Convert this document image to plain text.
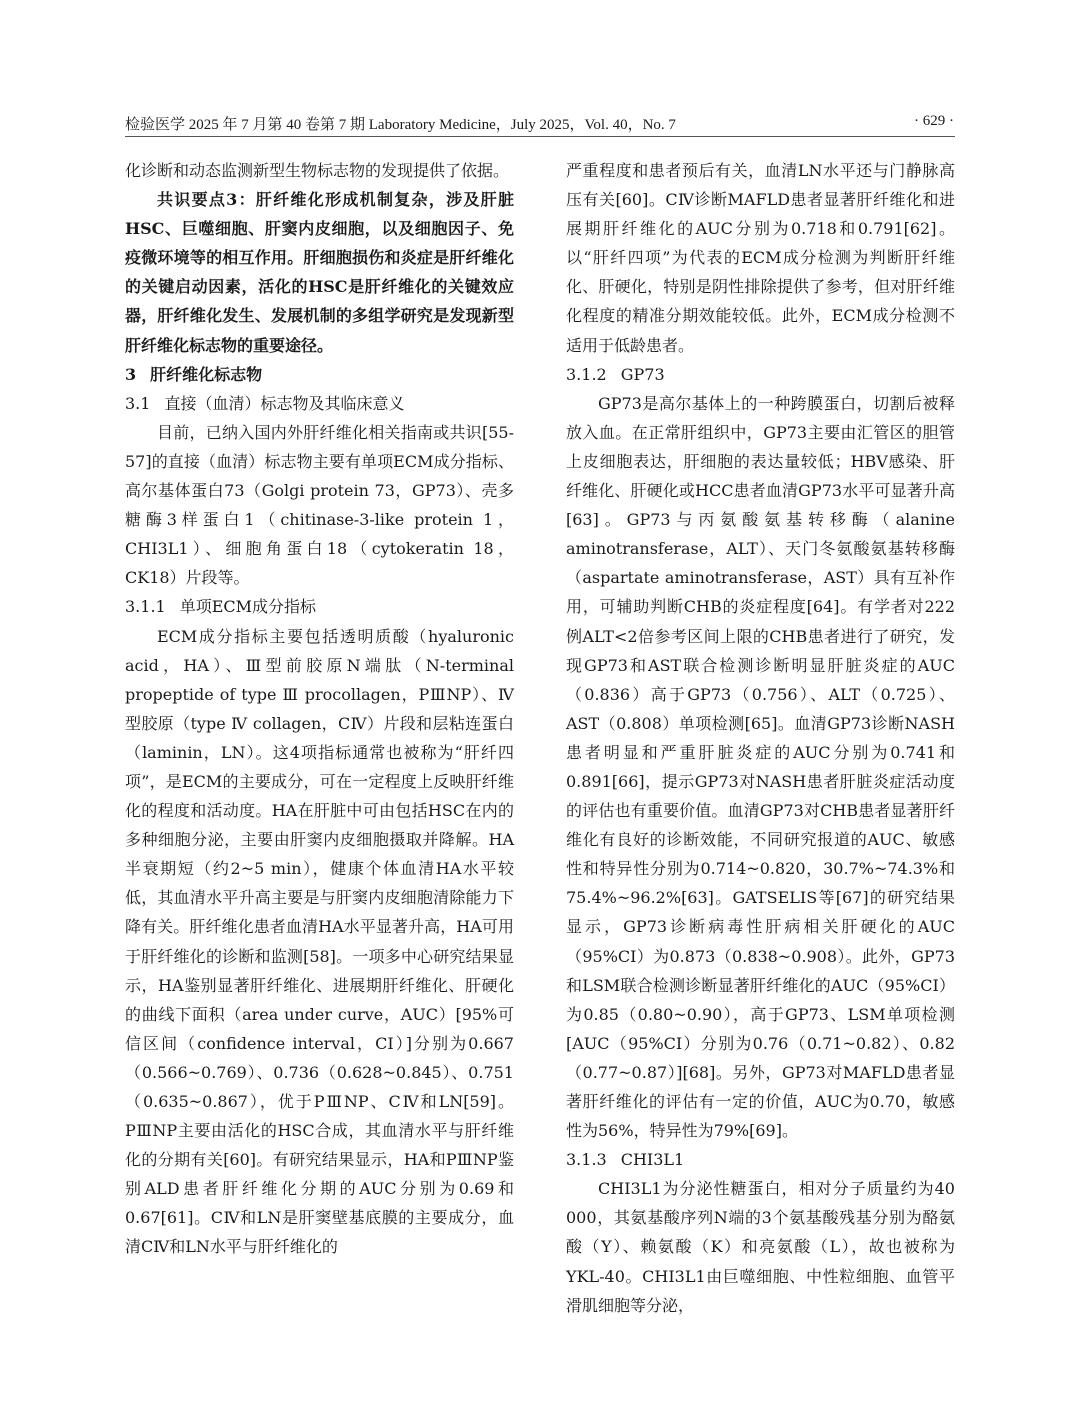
检验医学 2025 年 7 月第 40 卷第 7 期 Laboratory Medicine，July 2025，Vol. 40，No. 7	· 629 ·

化诊断和动态监测新型生物标志物的发现提供了依据。

共识要点3：肝纤维化形成机制复杂，涉及肝脏HSC、巨噬细胞、肝窦内皮细胞，以及细胞因子、免疫微环境等的相互作用。肝细胞损伤和炎症是肝纤维化的关键启动因素，活化的HSC是肝纤维化的关键效应器，肝纤维化发生、发展机制的多组学研究是发现新型肝纤维化标志物的重要途径。

3 肝纤维化标志物

3.1 直接（血清）标志物及其临床意义

目前，已纳入国内外肝纤维化相关指南或共识[55-57]的直接（血清）标志物主要有单项ECM成分指标、高尔基体蛋白73（Golgi protein 73，GP73）、壳多糖酶3样蛋白1（chitinase-3-like protein 1，CHI3L1）、细胞角蛋白18（cytokeratin 18，CK18）片段等。

3.1.1 单项ECM成分指标

ECM成分指标主要包括透明质酸（hyaluronic acid，HA）、Ⅲ型前胶原N端肽（N-terminal propeptide of type Ⅲ procollagen，PⅢNP）、Ⅳ型胶原（type Ⅳ collagen，CⅣ）片段和层粘连蛋白（laminin，LN）。这4项指标通常也被称为“肝纤四项”，是ECM的主要成分，可在一定程度上反映肝纤维化的程度和活动度。HA在肝脏中可由包括HSC在内的多种细胞分泌，主要由肝窦内皮细胞摄取并降解。HA半衰期短（约2~5 min），健康个体血清HA水平较低，其血清水平升高主要是与肝窦内皮细胞清除能力下降有关。肝纤维化患者血清HA水平显著升高，HA可用于肝纤维化的诊断和监测[58]。一项多中心研究结果显示，HA鉴别显著肝纤维化、进展期肝纤维化、肝硬化的曲线下面积（area under curve，AUC）[95%可信区间（confidence interval，CI）]分别为0.667（0.566~0.769）、0.736（0.628~0.845）、0.751（0.635~0.867），优于PⅢNP、CⅣ和LN[59]。PⅢNP主要由活化的HSC合成，其血清水平与肝纤维化的分期有关[60]。有研究结果显示，HA和PⅢNP鉴别ALD患者肝纤维化分期的AUC分别为0.69和0.67[61]。CⅣ和LN是肝窦壁基底膜的主要成分，血清CⅣ和LN水平与肝纤维化的

严重程度和患者预后有关，血清LN水平还与门静脉高压有关[60]。CⅣ诊断MAFLD患者显著肝纤维化和进展期肝纤维化的AUC分别为0.718和0.791[62]。以“肝纤四项”为代表的ECM成分检测为判断肝纤维化、肝硬化，特别是阴性排除提供了参考，但对肝纤维化程度的精准分期效能较低。此外，ECM成分检测不适用于低龄患者。

3.1.2 GP73

GP73是高尔基体上的一种跨膜蛋白，切割后被释放入血。在正常肝组织中，GP73主要由汇管区的胆管上皮细胞表达，肝细胞的表达量较低；HBV感染、肝纤维化、肝硬化或HCC患者血清GP73水平可显著升高[63]。GP73与丙氨酸氨基转移酶（alanine aminotransferase，ALT）、天门冬氨酸氨基转移酶（aspartate aminotransferase，AST）具有互补作用，可辅助判断CHB的炎症程度[64]。有学者对222例ALT<2倍参考区间上限的CHB患者进行了研究，发现GP73和AST联合检测诊断明显肝脏炎症的AUC（0.836）高于GP73（0.756）、ALT（0.725）、AST（0.808）单项检测[65]。血清GP73诊断NASH患者明显和严重肝脏炎症的AUC分别为0.741和0.891[66]，提示GP73对NASH患者肝脏炎症活动度的评估也有重要价值。血清GP73对CHB患者显著肝纤维化有良好的诊断效能，不同研究报道的AUC、敏感性和特异性分别为0.714~0.820，30.7%~74.3%和75.4%~96.2%[63]。GATSELIS等[67]的研究结果显示，GP73诊断病毒性肝病相关肝硬化的AUC（95%CI）为0.873（0.838~0.908）。此外，GP73和LSM联合检测诊断显著肝纤维化的AUC（95%CI）为0.85（0.80~0.90），高于GP73、LSM单项检测[AUC（95%CI）分别为0.76（0.71~0.82）、0.82（0.77~0.87）][68]。另外，GP73对MAFLD患者显著肝纤维化的评估有一定的价值，AUC为0.70，敏感性为56%，特异性为79%[69]。

3.1.3 CHI3L1

CHI3L1为分泌性糖蛋白，相对分子质量约为40 000，其氨基酸序列N端的3个氨基酸残基分别为酪氨酸（Y）、赖氨酸（K）和亮氨酸（L），故也被称为YKL-40。CHI3L1由巨噬细胞、中性粒细胞、血管平滑肌细胞等分泌，
